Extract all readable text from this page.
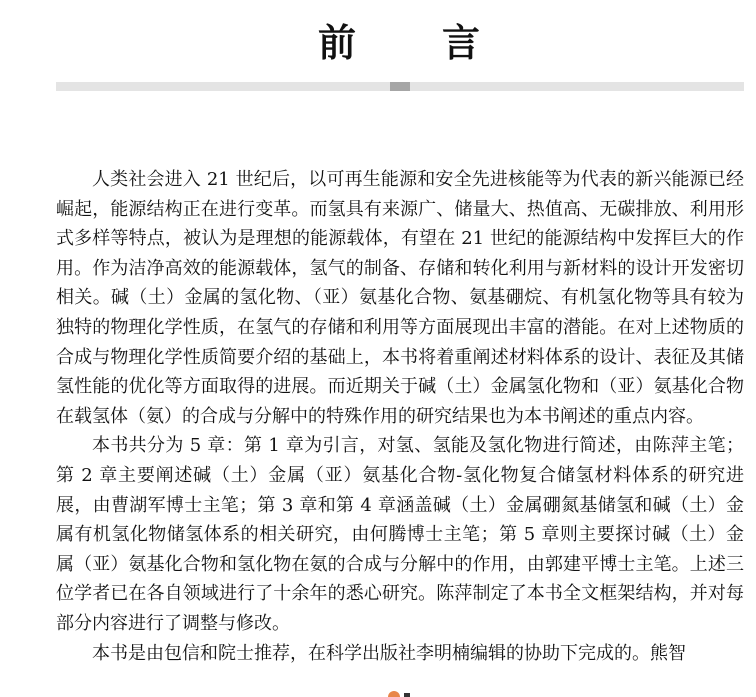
前 言

人类社会进入 21 世纪后，以可再生能源和安全先进核能等为代表的新兴能源已经崛起，能源结构正在进行变革。而氢具有来源广、储量大、热值高、无碳排放、利用形式多样等特点，被认为是理想的能源载体，有望在 21 世纪的能源结构中发挥巨大的作用。作为洁净高效的能源载体，氢气的制备、存储和转化利用与新材料的设计开发密切相关。碱（土）金属的氢化物、（亚）氨基化合物、氨基硼烷、有机氢化物等具有较为独特的物理化学性质，在氢气的存储和利用等方面展现出丰富的潜能。在对上述物质的合成与物理化学性质简要介绍的基础上，本书将着重阐述材料体系的设计、表征及其储氢性能的优化等方面取得的进展。而近期关于碱（土）金属氢化物和（亚）氨基化合物在载氢体（氨）的合成与分解中的特殊作用的研究结果也为本书阐述的重点内容。

本书共分为 5 章：第 1 章为引言，对氢、氢能及氢化物进行简述，由陈萍主笔；第 2 章主要阐述碱（土）金属（亚）氨基化合物-氢化物复合储氢材料体系的研究进展，由曹湖军博士主笔；第 3 章和第 4 章涵盖碱（土）金属硼氮基储氢和碱（土）金属有机氢化物储氢体系的相关研究，由何腾博士主笔；第 5 章则主要探讨碱（土）金属（亚）氨基化合物和氢化物在氨的合成与分解中的作用，由郭建平博士主笔。上述三位学者已在各自领域进行了十余年的悉心研究。陈萍制定了本书全文框架结构，并对每部分内容进行了调整与修改。

本书是由包信和院士推荐，在科学出版社李明楠编辑的协助下完成的。熊智
